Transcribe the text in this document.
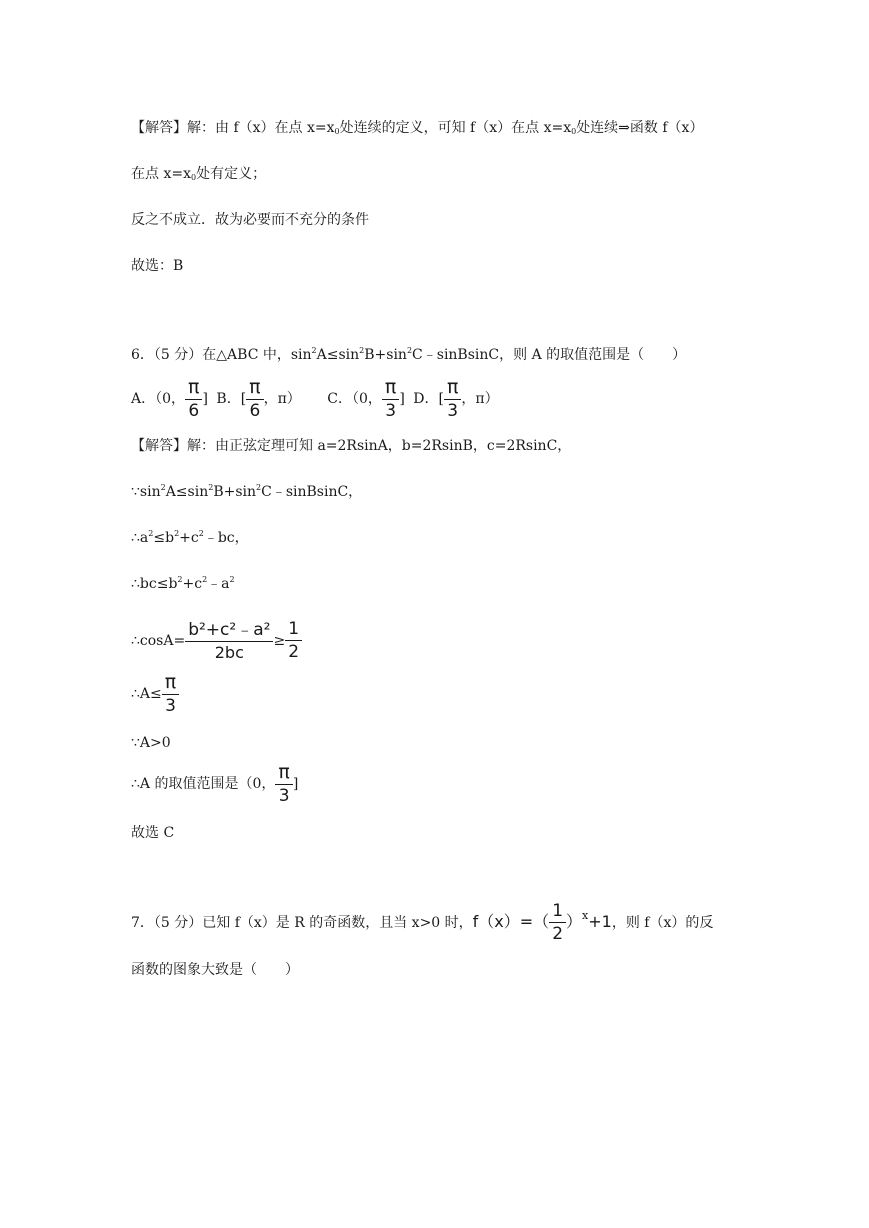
【解答】解：由 f（x）在点 $x=x_0$处连续的定义，可知 f（x）在点 $x=x_0$处连续⇒函数 f（x）
在点 $x=x_0$处有定义；
反之不成立．故为必要而不充分的条件
故选：B
6．（5 分）在△ABC 中，$\sin^2A\le\sin^2B+\sin^2C﹣sinBsinC$，则 A 的取值范围是（　　）
A．（0， $\frac{\pi}{6}$ ] B．[ $\frac{\pi}{6}$ ，π） C．（0， $\frac{\pi}{3}$ ] D．[ $\frac{\pi}{3}$ ，π）
【解答】解：由正弦定理可知 a=2RsinA，b=2RsinB，c=2RsinC，
$\because\sin^2A\le\sin^2B+\sin^2C﹣sinBsinC$，
$\therefore a^2\le b^2+c^2﹣bc$，
$\therefore bc\le b^2+c^2﹣a^2$
∴cosA= $\frac{\text{b²+c²﹣a²}}{2bc} \ge \frac{1}{2}$
∴A≤ $\frac{\pi}{3}$
∵A>0
∴A 的取值范围是（0， $\frac{\pi}{3}$ ]
故选 C
7．（5 分）已知 f（x）是 R 的奇函数，且当 x>0 时，$f(x)=( \frac{1}{2} )^x+1$，则 f（x）的反
函数的图象大致是（　　）
